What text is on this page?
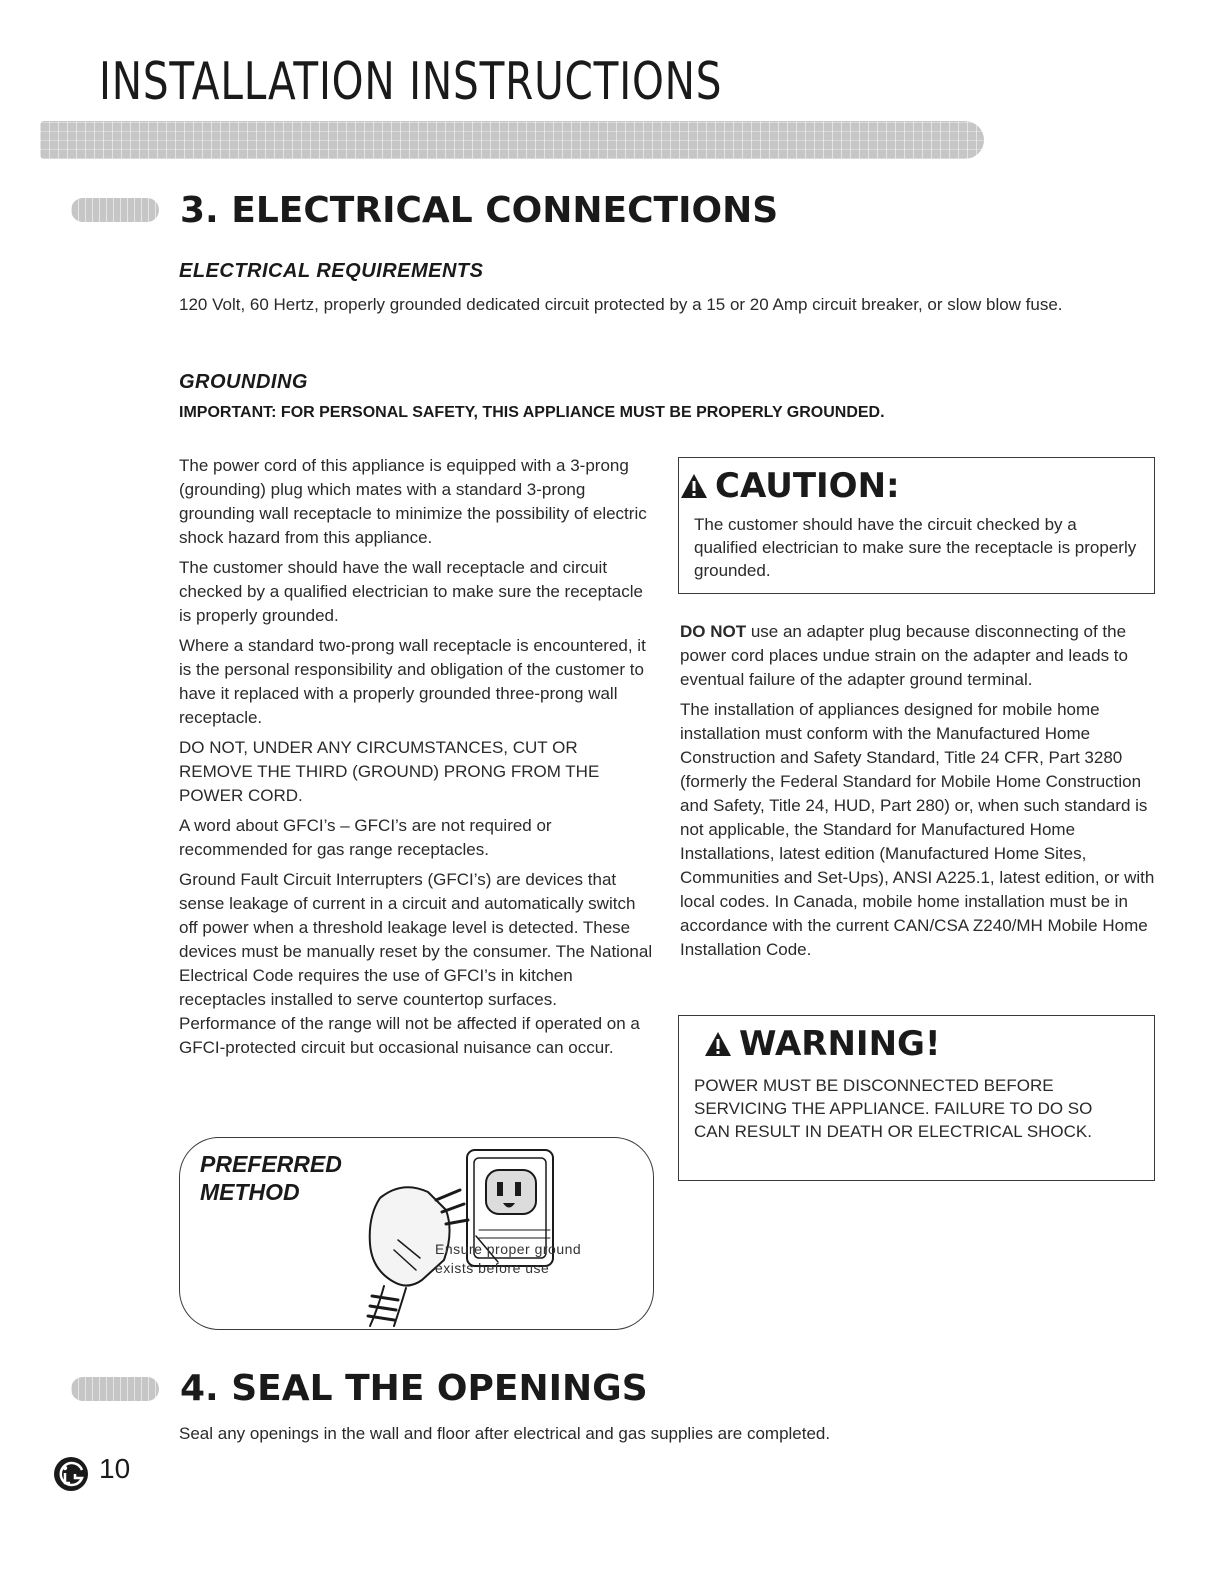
INSTALLATION INSTRUCTIONS
3. ELECTRICAL CONNECTIONS
ELECTRICAL REQUIREMENTS

120 Volt, 60 Hertz, properly grounded dedicated circuit protected by a 15 or 20 Amp circuit breaker, or slow blow fuse.

GROUNDING
IMPORTANT: FOR PERSONAL SAFETY, THIS APPLIANCE MUST BE PROPERLY GROUNDED.

The power cord of this appliance is equipped with a 3-prong (grounding) plug which mates with a standard 3-prong grounding wall receptacle to minimize the possibility of electric shock hazard from this appliance.

The customer should have the wall receptacle and circuit checked by a qualified electrician to make sure the receptacle is properly grounded.

Where a standard two-prong wall receptacle is encountered, it is the personal responsibility and obligation of the customer to have it replaced with a properly grounded three-prong wall receptacle.

DO NOT, UNDER ANY CIRCUMSTANCES, CUT OR REMOVE THE THIRD (GROUND) PRONG FROM THE POWER CORD.

A word about GFCI’s – GFCI’s are not required or recommended for gas range receptacles.

Ground Fault Circuit Interrupters (GFCI’s) are devices that sense leakage of current in a circuit and automatically switch off power when a threshold leakage level is detected. These devices must be manually reset by the consumer. The National Electrical Code requires the use of GFCI’s in kitchen receptacles installed to serve countertop surfaces. Performance of the range will not be affected if operated on a GFCI-protected circuit but occasional nuisance can occur.

PREFERRED
METHOD
Ensure proper ground
exists before use
CAUTION:
The customer should have the circuit checked by a qualified electrician to make sure the receptacle is properly grounded.

DO NOT use an adapter plug because disconnecting of the power cord places undue strain on the adapter and leads to eventual failure of the adapter ground terminal.

The installation of appliances designed for mobile home installation must conform with the Manufactured Home Construction and Safety Standard, Title 24 CFR, Part 3280 (formerly the Federal Standard for Mobile Home Construction and Safety, Title 24, HUD, Part 280) or, when such standard is not applicable, the Standard for Manufactured Home Installations, latest edition (Manufactured Home Sites, Communities and Set-Ups), ANSI A225.1, latest edition, or with local codes. In Canada, mobile home installation must be in accordance with the current CAN/CSA Z240/MH Mobile Home Installation Code.

WARNING!
POWER MUST BE DISCONNECTED BEFORE SERVICING THE APPLIANCE. FAILURE TO DO SO CAN RESULT IN DEATH OR ELECTRICAL SHOCK.
4. SEAL THE OPENINGS

Seal any openings in the wall and floor after electrical and gas supplies are completed.

10
